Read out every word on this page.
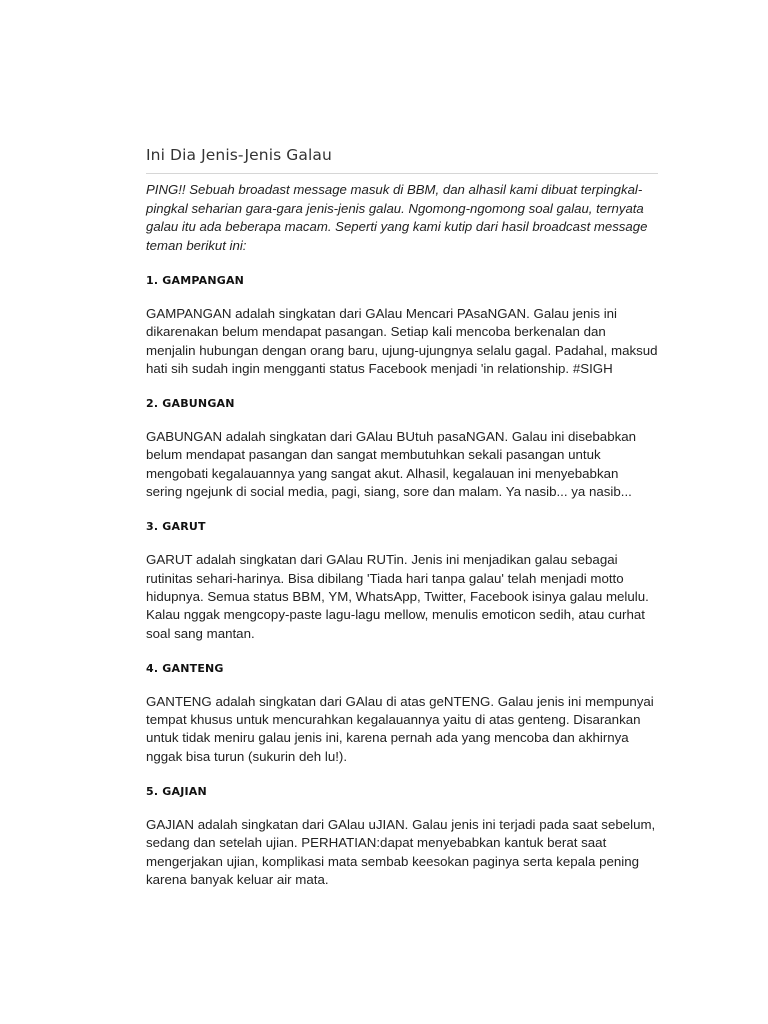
Ini Dia Jenis-Jenis Galau

PING!! Sebuah broadast message masuk di BBM, dan alhasil kami dibuat terpingkal-pingkal seharian gara-gara jenis-jenis galau. Ngomong-ngomong soal galau, ternyata galau itu ada beberapa macam. Seperti yang kami kutip dari hasil broadcast message teman berikut ini:

1. GAMPANGAN

GAMPANGAN adalah singkatan dari GAlau Mencari PAsaNGAN. Galau jenis ini dikarenakan belum mendapat pasangan. Setiap kali mencoba berkenalan dan menjalin hubungan dengan orang baru, ujung-ujungnya selalu gagal. Padahal, maksud hati sih sudah ingin mengganti status Facebook menjadi 'in relationship. #SIGH

2. GABUNGAN

GABUNGAN adalah singkatan dari GAlau BUtuh pasaNGAN. Galau ini disebabkan belum mendapat pasangan dan sangat membutuhkan sekali pasangan untuk mengobati kegalauannya yang sangat akut. Alhasil, kegalauan ini menyebabkan sering ngejunk di social media, pagi, siang, sore dan malam. Ya nasib... ya nasib...

3. GARUT

GARUT adalah singkatan dari GAlau RUTin. Jenis ini menjadikan galau sebagai rutinitas sehari-harinya. Bisa dibilang 'Tiada hari tanpa galau' telah menjadi motto hidupnya. Semua status BBM, YM, WhatsApp, Twitter, Facebook isinya galau melulu. Kalau nggak mengcopy-paste lagu-lagu mellow, menulis emoticon sedih, atau curhat soal sang mantan.

4. GANTENG

GANTENG adalah singkatan dari GAlau di atas geNTENG. Galau jenis ini mempunyai tempat khusus untuk mencurahkan kegalauannya yaitu di atas genteng. Disarankan untuk tidak meniru galau jenis ini, karena pernah ada yang mencoba dan akhirnya nggak bisa turun (sukurin deh lu!).

5. GAJIAN

GAJIAN adalah singkatan dari GAlau uJIAN. Galau jenis ini terjadi pada saat sebelum, sedang dan setelah ujian. PERHATIAN:dapat menyebabkan kantuk berat saat mengerjakan ujian, komplikasi mata sembab keesokan paginya serta kepala pening karena banyak keluar air mata.
